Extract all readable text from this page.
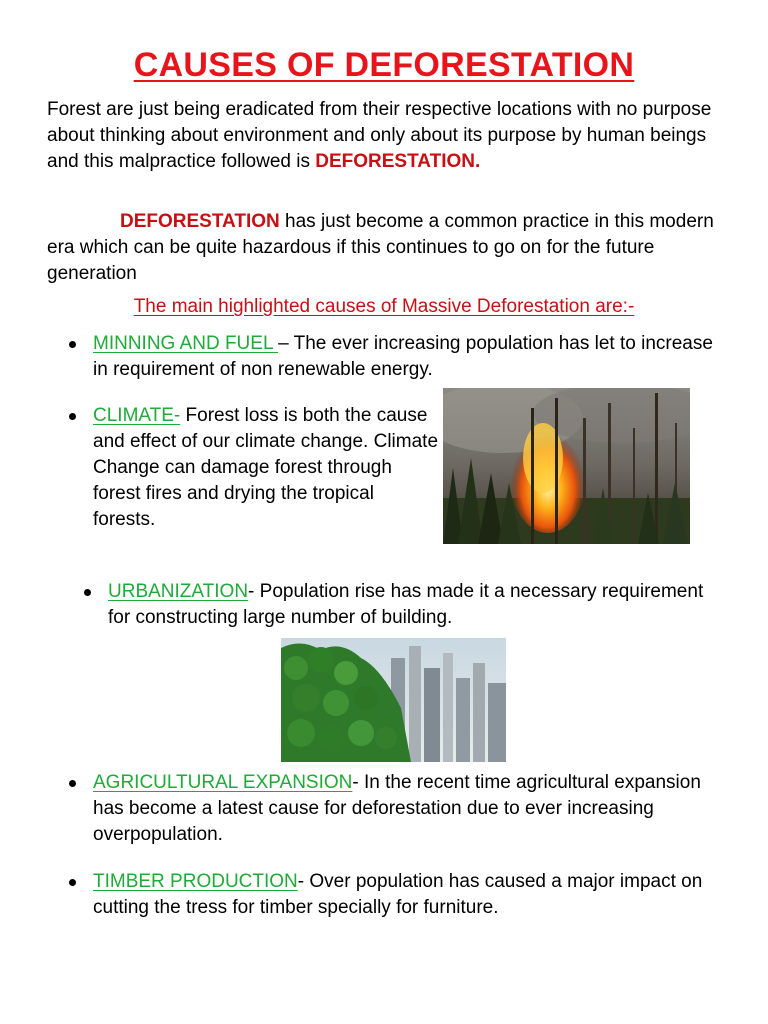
CAUSES OF DEFORESTATION
Forest are just being eradicated from their respective locations with no purpose about thinking about environment and only about its purpose by human beings and this malpractice followed is DEFORESTATION.
DEFORESTATION has just become a common practice in this modern era which can be quite hazardous if this continues to go on for the future generation
The main highlighted causes of Massive Deforestation are:-
MINNING AND FUEL – The ever increasing population has let to increase in requirement of non renewable energy.
CLIMATE- Forest loss is both the cause and effect of our climate change. Climate Change can damage forest through forest fires and drying the tropical forests.
URBANIZATION- Population rise has made it a necessary requirement for constructing large number of building.
AGRICULTURAL EXPANSION- In the recent time agricultural expansion has become a latest cause for deforestation due to ever increasing overpopulation.
TIMBER PRODUCTION- Over population has caused a major impact on cutting the tress for timber specially for furniture.
